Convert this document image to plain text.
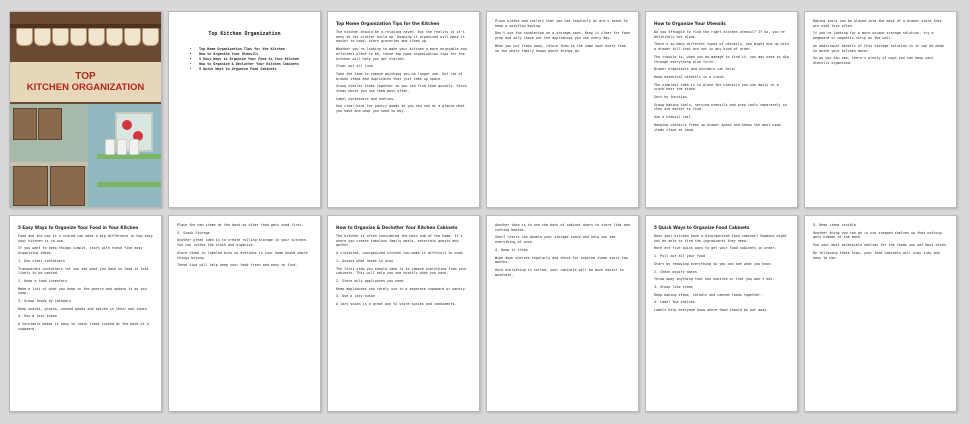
TOP
KITCHEN ORGANIZATION
Top Kitchen Organization
• Top Home Organization Tips for the Kitchen
• How to Organize Your Utensils
• 5 Easy Ways to Organize Your Food in Your Kitchen
• How to Organize & Declutter Your Kitchen Cabinets
• 5 Quick Ways to Organize Food Cabinets
Top Home Organization Tips for the Kitchen
The kitchen should be a relaxing haven. But the reality is it's easy to let clutter build up. Keeping it organized will make it easier to cook, store groceries and clean up.
Whether you're looking to make your kitchen a more enjoyable and efficient place to be, these top home organization tips for the kitchen will help you get started.
Clear out all junk.
Take the time to remove anything you no longer use. Get rid of broken items and duplicates that just take up space.
Group similar items together so you can find them quickly. Store items where you use them most often.
Label containers and shelves.
Use clear bins for pantry goods so you can see at a glance what you have and what you need to buy.
Place plates and cutlery that you use regularly at arm's reach to keep a workflow moving.
Don't use the countertop as a storage spot. Keep it clear for food prep and only leave out the appliances you use every day.
When you put items away, return them to the same spot every time so the whole family knows where things go.
How to Organize Your Utensils
Do you struggle to find the right kitchen utensil? If so, you're definitely not alone.
There's so many different types of utensils, you might end up with a drawer full that are not in any kind of order.
The trouble is, when you do manage to find it, you may have to dig through everything else first.
Drawer organizers and dividers can help.
Keep essential utensils in a crock.
The simplest idea is to place the utensils you use daily in a crock near the stove.
Sort by function.
Group baking tools, serving utensils and prep tools separately so they are easier to find.
Use a utensil rail.
Hanging utensils frees up drawer space and keeps the most used items close at hand.
Baking tools can be placed into the back of a drawer since they are used less often.
If you're looking for a more unique storage solution, try a pegboard or magnetic strip on the wall.
An additional benefit of this storage solution is it can be made to match your kitchen decor.
So as you can see, there's plenty of ways you can keep your utensils organized.
5 Easy Ways to Organize Your Food in Your Kitchen
Food and the way it's stored can make a big difference in how easy your kitchen is to use.
If you want to keep things simple, start with these five easy organizing ideas.
1. Use clear containers
Transparent containers let you see what you have so food is less likely to be wasted.
2. Keep a food inventory
Make a list of what you keep in the pantry and update it as you shop.
3. Group foods by category
Keep snacks, grains, canned goods and spices in their own zones.
4. Use a lazy susan
A turntable makes it easy to reach items tucked at the back of a cupboard.
Place the new items at the back so older food gets used first.
5. Stock Storage
Another great idea is to create rolling storage in your kitchen. You can rotate the stock and organize.
Store items in labeled bins so everyone in your home knows where things belong.
These tips will help keep your food fresh and easy to find.
How to Organize & Declutter Your Kitchen Cabinets
The kitchen is often considered the main hub of the home. It's where you create fabulous family meals, entertain guests and gather.
A cluttered, unorganized kitchen can make it difficult to cook.
1. Assess what needs to stay
The first step you should take is to remove everything from your cabinets. This will help you see exactly what you have.
2. Store only appliances you need
Keep appliances you rarely use in a separate cupboard or pantry.
3. Use a lazy susan
A lazy susan is a great way to store spices and condiments.
Another idea is to use the back of cabinet doors to store lids and cutting boards.
Shelf risers can double your storage space and help you see everything at once.
4. Keep it clean
Wipe down shelves regularly and check for expired items every few months.
Once everything is sorted, your cabinets will be much easier to maintain.
5 Quick Ways to Organize Food Cabinets
Does your kitchen have a disorganized food cabinet? Someone might not be able to find the ingredients they need.
Here are five quick ways to get your food cabinets in order.
1. Pull out all your food
Start by removing everything so you can see what you have.
2. Check expiry dates
Throw away anything that has expired or that you won't eat.
3. Group like items
Keep baking items, cereals and canned foods together.
4. Label the shelves
Labels help everyone know where food should be put away.
5. Keep items visible
Another thing you can do is use stepped shelves so that nothing gets hidden at the back.
Use your most accessible shelves for the foods you eat most often.
By following these tips, your food cabinets will stay tidy and easy to use.
